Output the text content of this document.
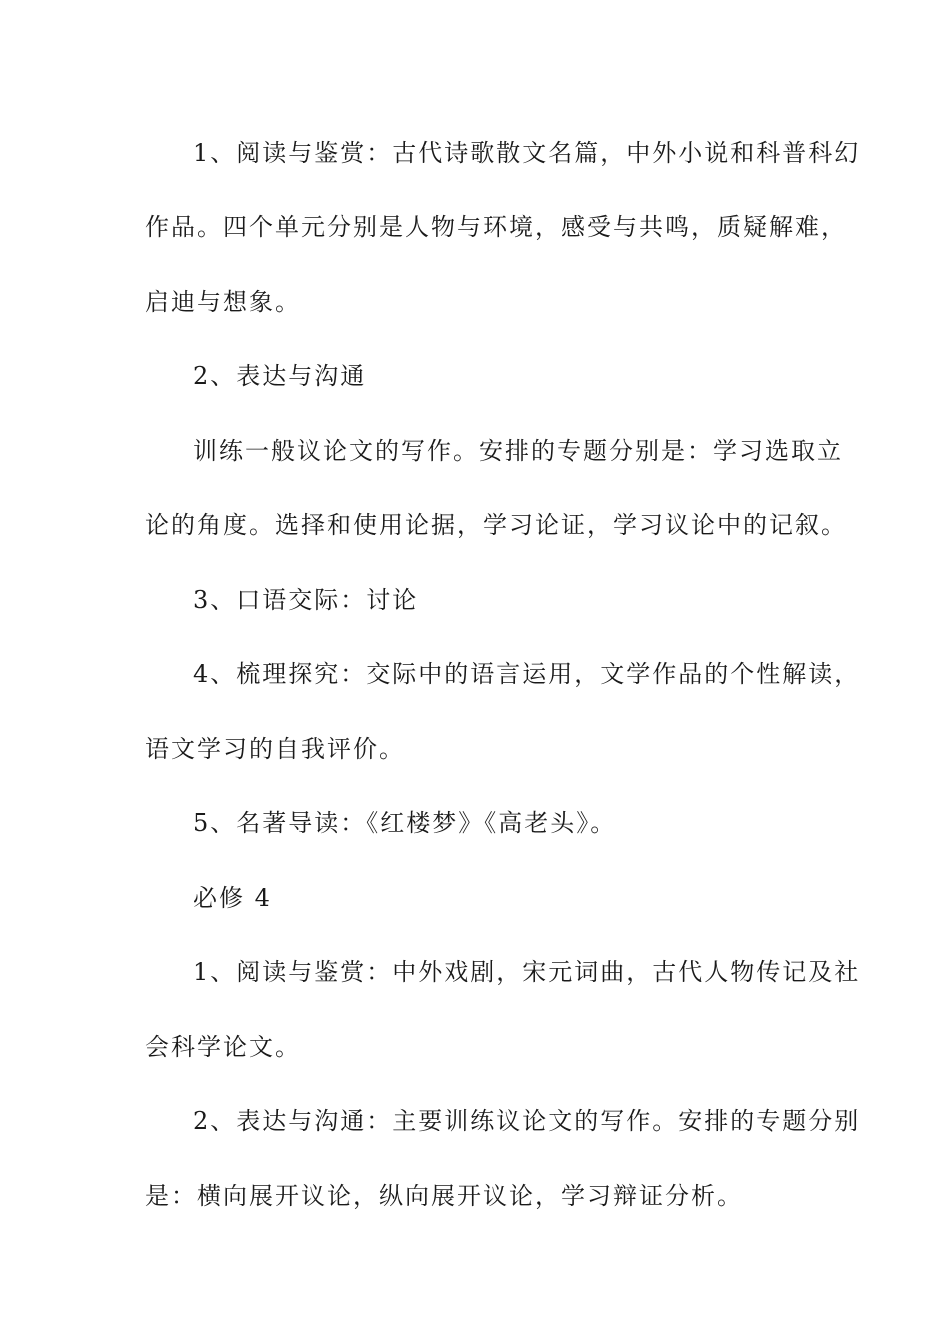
1、阅读与鉴赏：古代诗歌散文名篇，中外小说和科普科幻
作品。四个单元分别是人物与环境，感受与共鸣，质疑解难，
启迪与想象。
2、表达与沟通
训练一般议论文的写作。安排的专题分别是：学习选取立
论的角度。选择和使用论据，学习论证，学习议论中的记叙。
3、口语交际：讨论
4、梳理探究：交际中的语言运用，文学作品的个性解读，
语文学习的自我评价。
5、名著导读：《红楼梦》《高老头》。
必修 4
1、阅读与鉴赏：中外戏剧，宋元词曲，古代人物传记及社
会科学论文。
2、表达与沟通：主要训练议论文的写作。安排的专题分别
是：横向展开议论，纵向展开议论，学习辩证分析。
